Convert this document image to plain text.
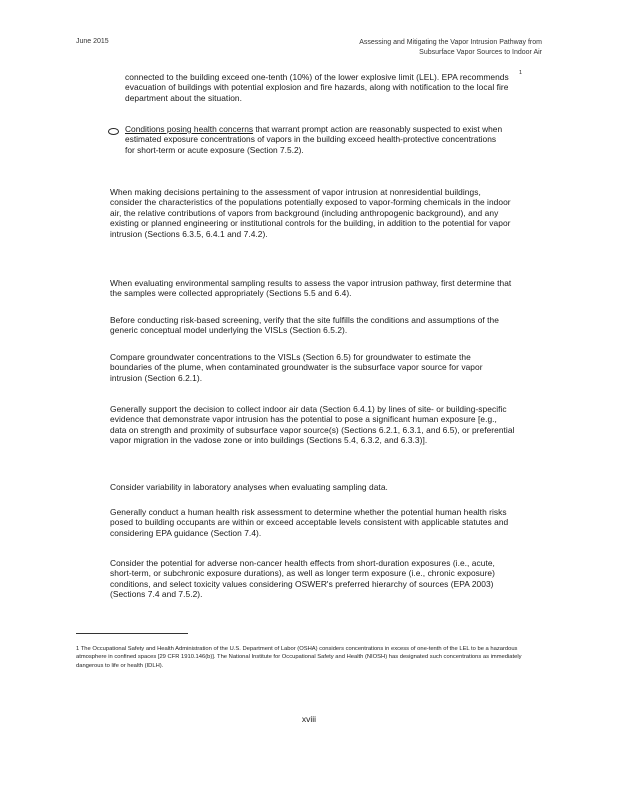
June 2015	Assessing and Mitigating the Vapor Intrusion Pathway from
Subsurface Vapor Sources to Indoor Air
connected to the building exceed one-tenth (10%) of the lower explosive limit (LEL). EPA recommends evacuation of buildings with potential explosion and fire hazards, along with notification to the local fire department about the situation.
1
Conditions posing health concerns that warrant prompt action are reasonably suspected to exist when estimated exposure concentrations of vapors in the building exceed health-protective concentrations for short-term or acute exposure (Section 7.5.2).
When making decisions pertaining to the assessment of vapor intrusion at nonresidential buildings, consider the characteristics of the populations potentially exposed to vapor-forming chemicals in the indoor air, the relative contributions of vapors from background (including anthropogenic background), and any existing or planned engineering or institutional controls for the building, in addition to the potential for vapor intrusion (Sections 6.3.5, 6.4.1 and 7.4.2).
When evaluating environmental sampling results to assess the vapor intrusion pathway, first determine that the samples were collected appropriately (Sections 5.5 and 6.4).
Before conducting risk-based screening, verify that the site fulfills the conditions and assumptions of the generic conceptual model underlying the VISLs (Section 6.5.2).
Compare groundwater concentrations to the VISLs (Section 6.5) for groundwater to estimate the boundaries of the plume, when contaminated groundwater is the subsurface vapor source for vapor intrusion (Section 6.2.1).
Generally support the decision to collect indoor air data (Section 6.4.1) by lines of site- or building-specific evidence that demonstrate vapor intrusion has the potential to pose a significant human exposure [e.g., data on strength and proximity of subsurface vapor source(s) (Sections 6.2.1, 6.3.1, and 6.5), or preferential vapor migration in the vadose zone or into buildings (Sections 5.4, 6.3.2, and 6.3.3)].
Consider variability in laboratory analyses when evaluating sampling data.
Generally conduct a human health risk assessment to determine whether the potential human health risks posed to building occupants are within or exceed acceptable levels consistent with applicable statutes and considering EPA guidance (Section 7.4).
Consider the potential for adverse non-cancer health effects from short-duration exposures (i.e., acute, short-term, or subchronic exposure durations), as well as longer term exposure (i.e., chronic exposure) conditions, and select toxicity values considering OSWER's preferred hierarchy of sources (EPA 2003) (Sections 7.4 and 7.5.2).
1 The Occupational Safety and Health Administration of the U.S. Department of Labor (OSHA) considers concentrations in excess of one-tenth of the LEL to be a hazardous atmosphere in confined spaces [29 CFR 1910.146(b)]. The National Institute for Occupational Safety and Health (NIOSH) has designated such concentrations as immediately dangerous to life or health (IDLH).
xviii
